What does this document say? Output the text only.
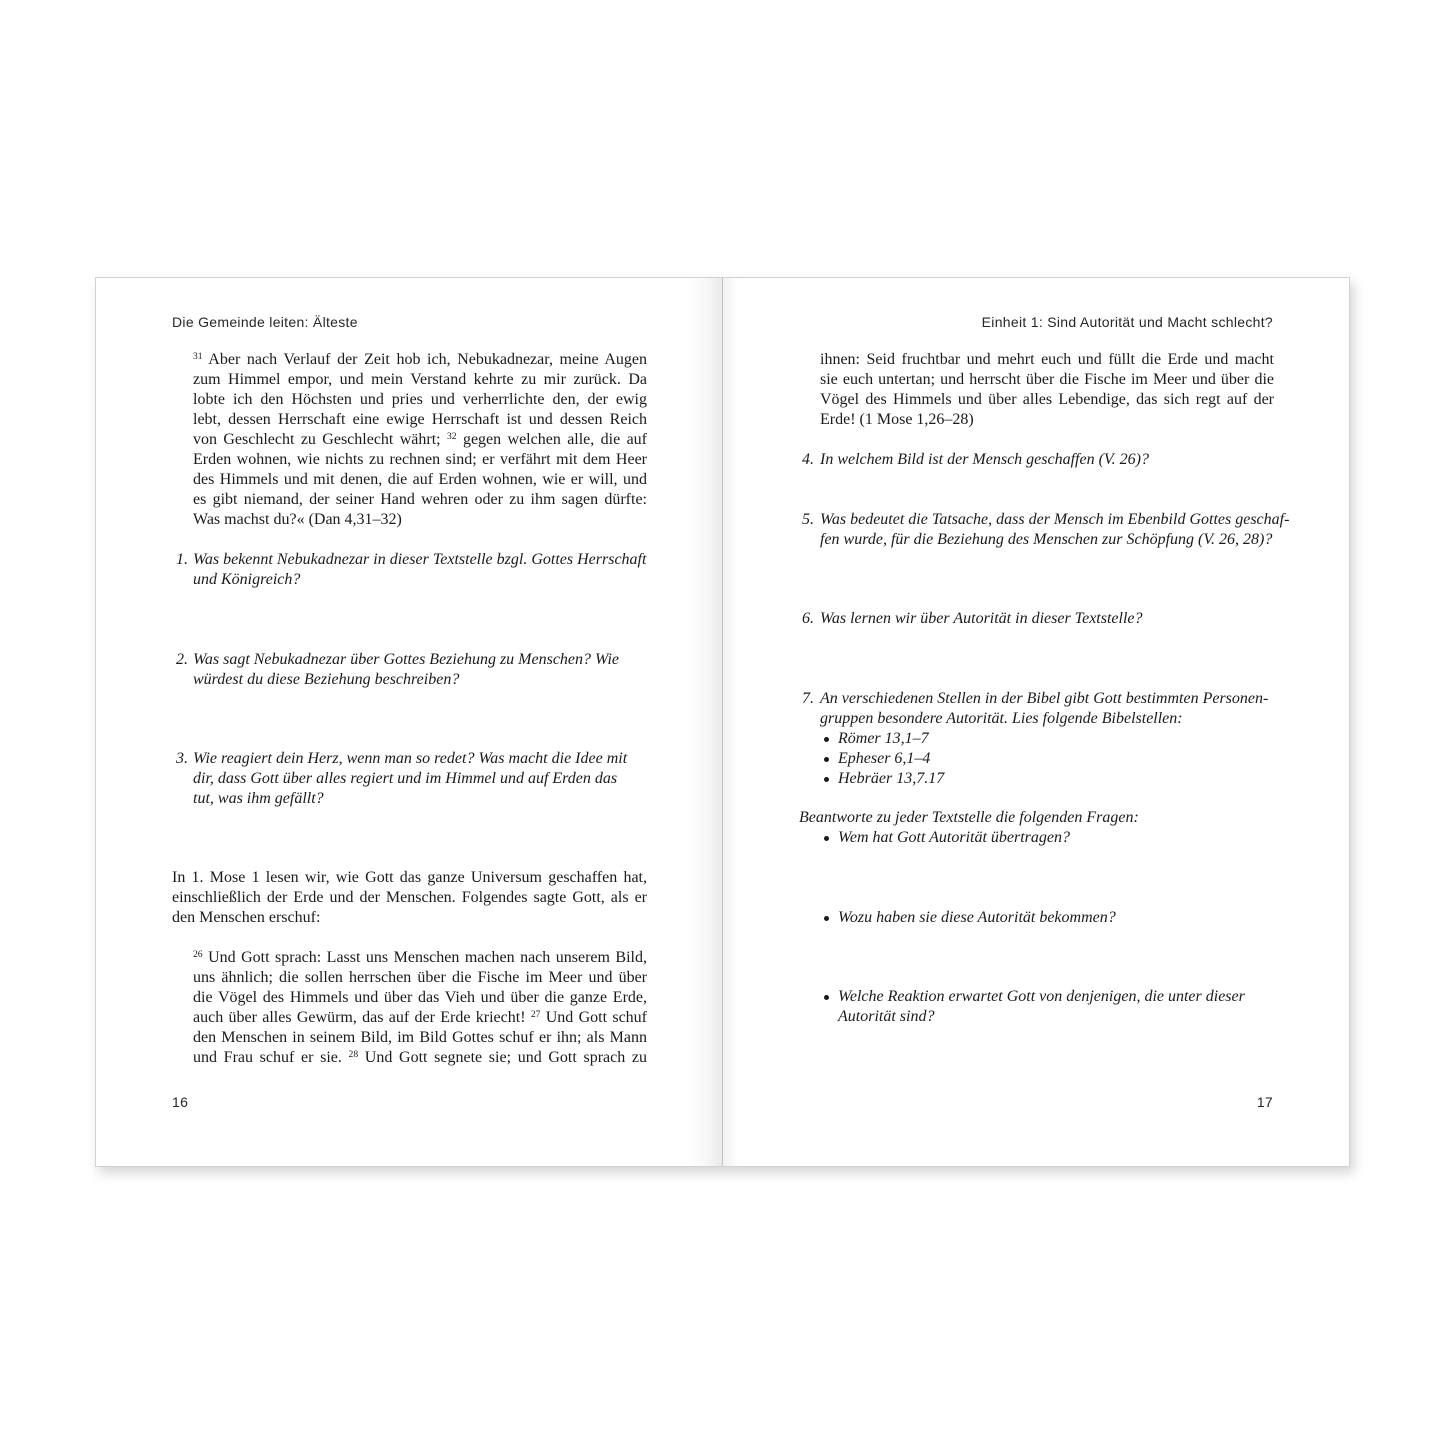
Die Gemeinde leiten: Älteste
$^{31}$ Aber nach Verlauf der Zeit hob ich, Nebukadnezar, meine Augen
zum Himmel empor, und mein Verstand kehrte zu mir zurück. Da
lobte ich den Höchsten und pries und verherrlichte den, der ewig
lebt, dessen Herrschaft eine ewige Herrschaft ist und dessen Reich
von Geschlecht zu Geschlecht währt; $^{32}$ gegen welchen alle, die auf
Erden wohnen, wie nichts zu rechnen sind; er verfährt mit dem Heer
des Himmels und mit denen, die auf Erden wohnen, wie er will, und
es gibt niemand, der seiner Hand wehren oder zu ihm sagen dürfte:
Was machst du?« (Dan 4,31–32)
1. Was bekennt Nebukadnezar in dieser Textstelle bzgl. Gottes Herrschaft
und Königreich?
2. Was sagt Nebukadnezar über Gottes Beziehung zu Menschen? Wie
würdest du diese Beziehung beschreiben?
3. Wie reagiert dein Herz, wenn man so redet? Was macht die Idee mit
dir, dass Gott über alles regiert und im Himmel und auf Erden das
tut, was ihm gefällt?
In 1. Mose 1 lesen wir, wie Gott das ganze Universum geschaffen hat,
einschließlich der Erde und der Menschen. Folgendes sagte Gott, als er
den Menschen erschuf:
$^{26}$ Und Gott sprach: Lasst uns Menschen machen nach unserem Bild,
uns ähnlich; die sollen herrschen über die Fische im Meer und über
die Vögel des Himmels und über das Vieh und über die ganze Erde,
auch über alles Gewürm, das auf der Erde kriecht! $^{27}$ Und Gott schuf
den Menschen in seinem Bild, im Bild Gottes schuf er ihn; als Mann
und Frau schuf er sie. $^{28}$ Und Gott segnete sie; und Gott sprach zu
16
Einheit 1: Sind Autorität und Macht schlecht?
ihnen: Seid fruchtbar und mehrt euch und füllt die Erde und macht
sie euch untertan; und herrscht über die Fische im Meer und über die
Vögel des Himmels und über alles Lebendige, das sich regt auf der
Erde! (1 Mose 1,26–28)
4. In welchem Bild ist der Mensch geschaffen (V. 26)?
5. Was bedeutet die Tatsache, dass der Mensch im Ebenbild Gottes geschaf-
fen wurde, für die Beziehung des Menschen zur Schöpfung (V. 26, 28)?
6. Was lernen wir über Autorität in dieser Textstelle?
7. An verschiedenen Stellen in der Bibel gibt Gott bestimmten Personen-
gruppen besondere Autorität. Lies folgende Bibelstellen:
Römer 13,1–7
Epheser 6,1–4
Hebräer 13,7.17
Beantworte zu jeder Textstelle die folgenden Fragen:
Wem hat Gott Autorität übertragen?
Wozu haben sie diese Autorität bekommen?
Welche Reaktion erwartet Gott von denjenigen, die unter dieser
Autorität sind?
17
